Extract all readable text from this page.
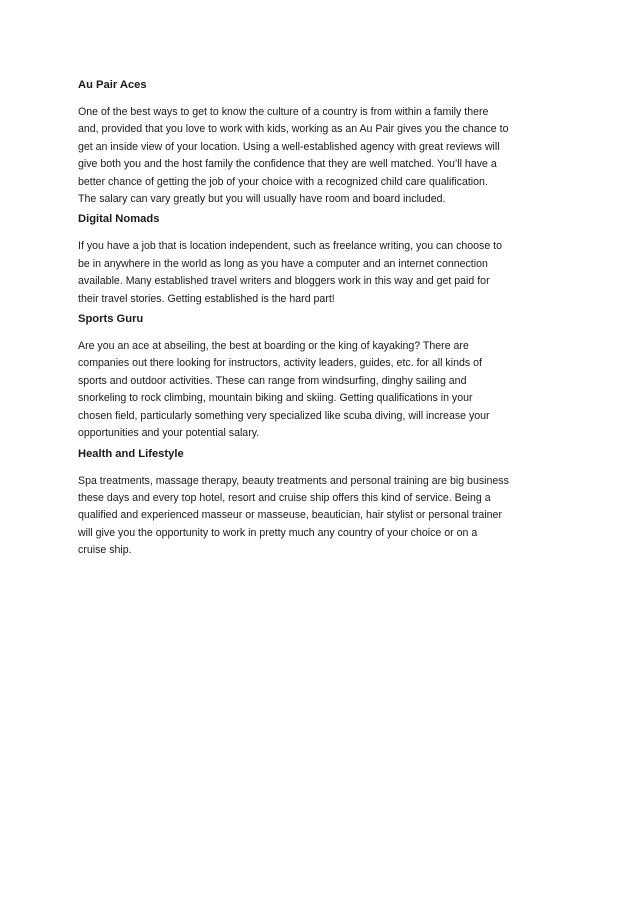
Au Pair Aces
One of the best ways to get to know the culture of a country is from within a family there
and, provided that you love to work with kids, working as an Au Pair gives you the chance to
get an inside view of your location. Using a well-established agency with great reviews will
give both you and the host family the confidence that they are well matched. You’ll have a
better chance of getting the job of your choice with a recognized child care qualification.
The salary can vary greatly but you will usually have room and board included.
Digital Nomads
If you have a job that is location independent, such as freelance writing, you can choose to
be in anywhere in the world as long as you have a computer and an internet connection
available. Many established travel writers and bloggers work in this way and get paid for
their travel stories. Getting established is the hard part!
Sports Guru
Are you an ace at abseiling, the best at boarding or the king of kayaking? There are
companies out there looking for instructors, activity leaders, guides, etc. for all kinds of
sports and outdoor activities. These can range from windsurfing, dinghy sailing and
snorkeling to rock climbing, mountain biking and skiing. Getting qualifications in your
chosen field, particularly something very specialized like scuba diving, will increase your
opportunities and your potential salary.
Health and Lifestyle
Spa treatments, massage therapy, beauty treatments and personal training are big business
these days and every top hotel, resort and cruise ship offers this kind of service. Being a
qualified and experienced masseur or masseuse, beautician, hair stylist or personal trainer
will give you the opportunity to work in pretty much any country of your choice or on a
cruise ship.
